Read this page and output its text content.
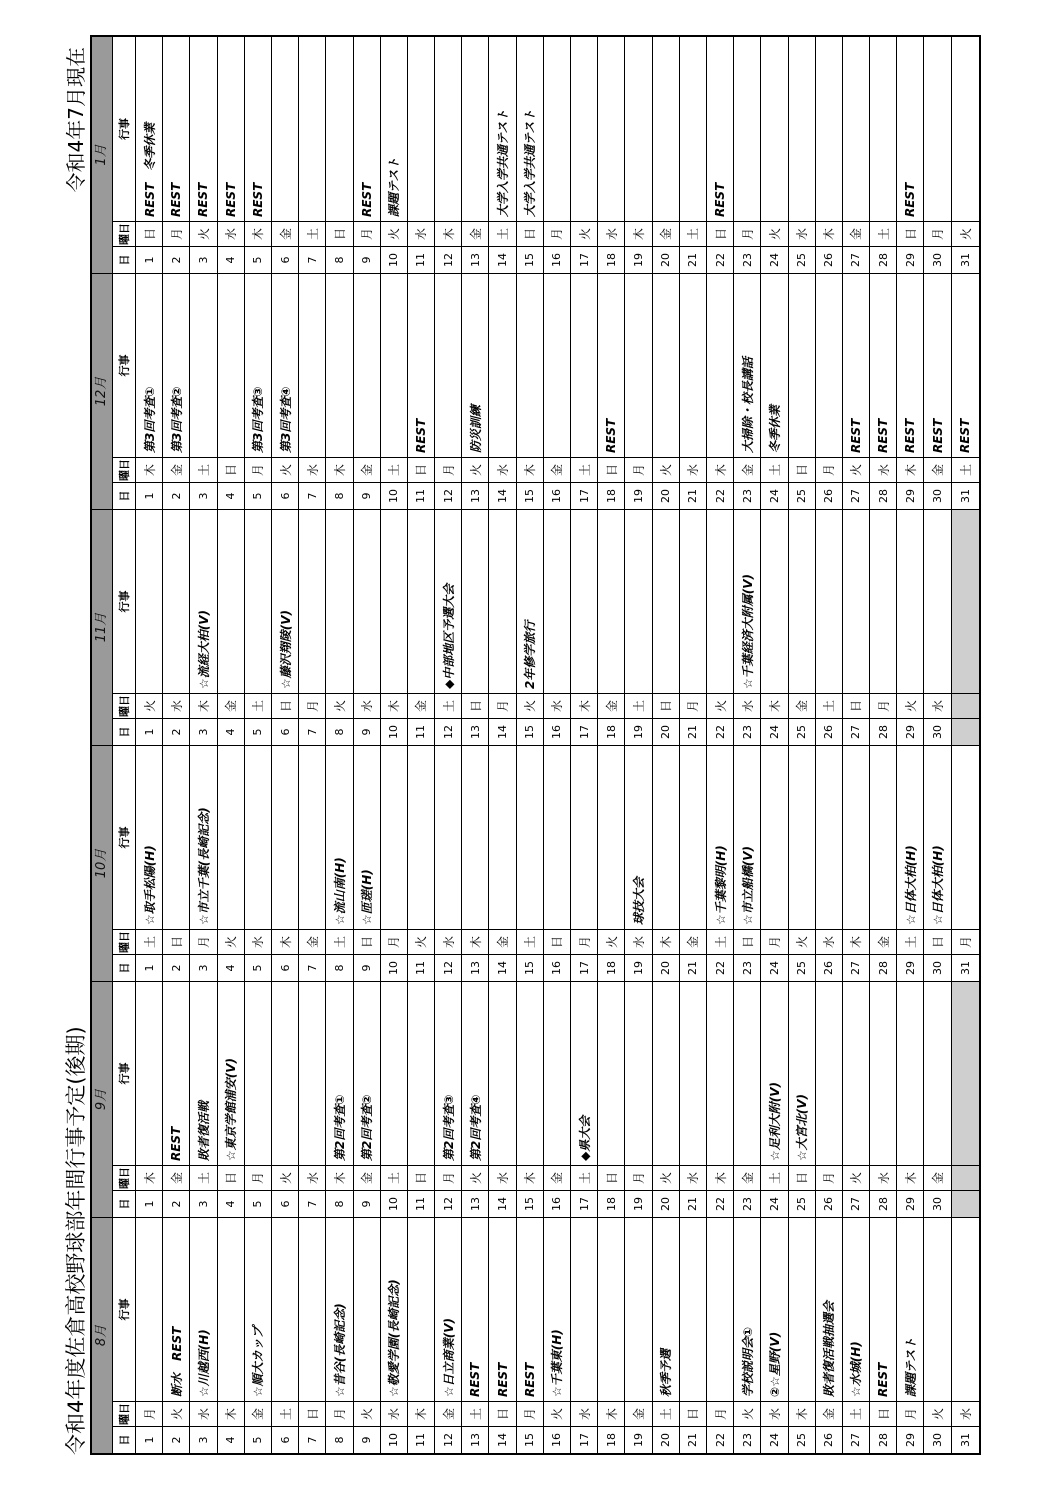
令和4年度佐倉高校野球部年間行事予定(後期)
令和4年7月現在
8月
日
曜日
行事
1
月
2
火
断水　REST
3
水
☆川越西(H)
4
木
5
金
☆順大カップ
6
土
7
日
8
月
☆昔谷(長崎記念)
9
火
10
水
☆敬愛学園(長崎記念)
11
木
12
金
☆日立商業(V)
13
土
REST
14
日
REST
15
月
REST
16
火
☆千葉東(H)
17
水
18
木
19
金
20
土
秋季予選
21
日
22
月
23
火
学校説明会①
24
水
②☆星野(V)
25
木
26
金
敗者復活戦抽選会
27
土
☆水城(H)
28
日
REST
29
月
課題テスト
30
火
31
水
9月
日
曜日
行事
1
木
2
金
REST
3
土
敗者復活戦
4
日
☆東京学館浦安(V)
5
月
6
火
7
水
8
木
第2回考査①
9
金
第2回考査②
10
土
11
日
12
月
第2回考査③
13
火
第2回考査④
14
水
15
木
16
金
17
土
◆県大会
18
日
19
月
20
火
21
水
22
木
23
金
24
土
☆足利大附(V)
25
日
☆大宮北(V)
26
月
27
火
28
水
29
木
30
金
10月
日
曜日
行事
1
土
☆取手松陽(H)
2
日
3
月
☆市立千葉(長崎記念)
4
火
5
水
6
木
7
金
8
土
☆流山南(H)
9
日
☆匝瑳(H)
10
月
11
火
12
水
13
木
14
金
15
土
16
日
17
月
18
火
19
水
球技大会
20
木
21
金
22
土
☆千葉黎明(H)
23
日
☆市立船橋(V)
24
月
25
火
26
水
27
木
28
金
29
土
☆日体大柏(H)
30
日
☆日体大柏(H)
31
月
11月
日
曜日
行事
1
火
2
水
3
木
☆流経大柏(V)
4
金
5
土
6
日
☆藤沢翔陵(V)
7
月
8
火
9
水
10
木
11
金
12
土
◆中部地区予選大会
13
日
14
月
15
火
2年修学旅行
16
水
17
木
18
金
19
土
20
日
21
月
22
火
23
水
☆千葉経済大附属(V)
24
木
25
金
26
土
27
日
28
月
29
火
30
水
12月
日
曜日
行事
1
木
第3回考査①
2
金
第3回考査②
3
土
4
日
5
月
第3回考査③
6
火
第3回考査④
7
水
8
木
9
金
10
土
11
日
REST
12
月
13
火
防災訓練
14
水
15
木
16
金
17
土
18
日
REST
19
月
20
火
21
水
22
木
23
金
大掃除・校長講話
24
土
冬季休業
25
日
26
月
27
火
REST
28
水
REST
29
木
REST
30
金
REST
31
土
REST
1月
日
曜日
行事
1
日
REST　冬季休業
2
月
REST
3
火
REST
4
水
REST
5
木
REST
6
金
7
土
8
日
9
月
REST
10
火
課題テスト
11
水
12
木
13
金
14
土
大学入学共通テスト
15
日
大学入学共通テスト
16
月
17
火
18
水
19
木
20
金
21
土
22
日
REST
23
月
24
火
25
水
26
木
27
金
28
土
29
日
REST
30
月
31
火
